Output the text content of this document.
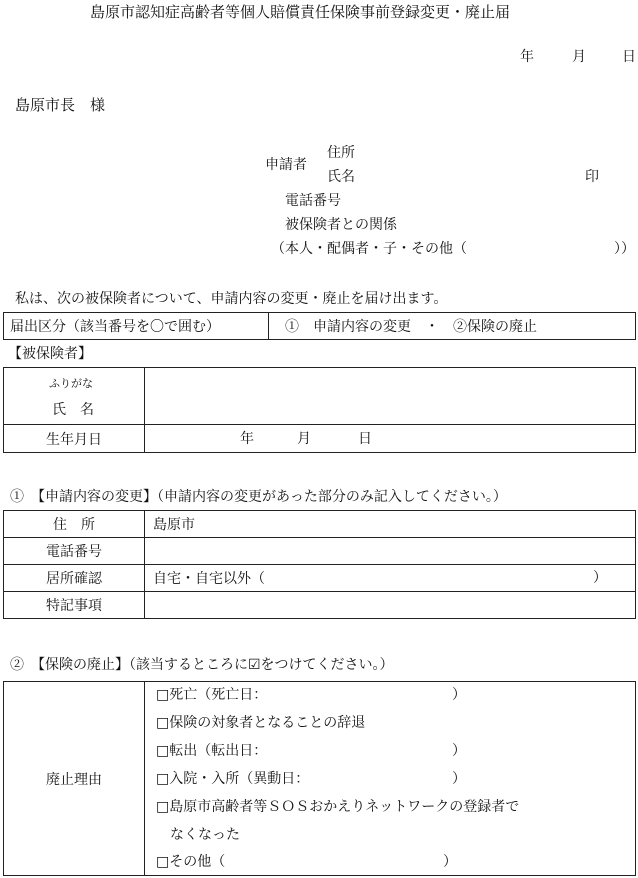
島原市認知症高齢者等個人賠償責任保険事前登録変更・廃止届
年	月	日
島原市長　様
申請者
住所
氏名	印
電話番号
被保険者との関係
（本人・配偶者・子・その他（	））
私は、次の被保険者について、申請内容の変更・廃止を届け出ます。
届出区分（該当番号を〇で囲む）	①　申請内容の変更　・　②保険の廃止
【被保険者】
ふりがな
氏　名	

生年月日	年 月 日
①　【申請内容の変更】（申請内容の変更があった部分のみ記入してください。）
住　所	島原市
電話番号	
居所確認	自宅・自宅以外（ ）

特記事項	
②　【保険の廃止】（該当するところに☑をつけてください。）
廃止理由	
□死亡（死亡日：	）
□保険の対象者となることの辞退
□転出（転出日：	）
□入院・入所（異動日：	）
□島原市高齢者等ＳＯＳおかえりネットワークの登録者で
なくなった
□その他（	）
